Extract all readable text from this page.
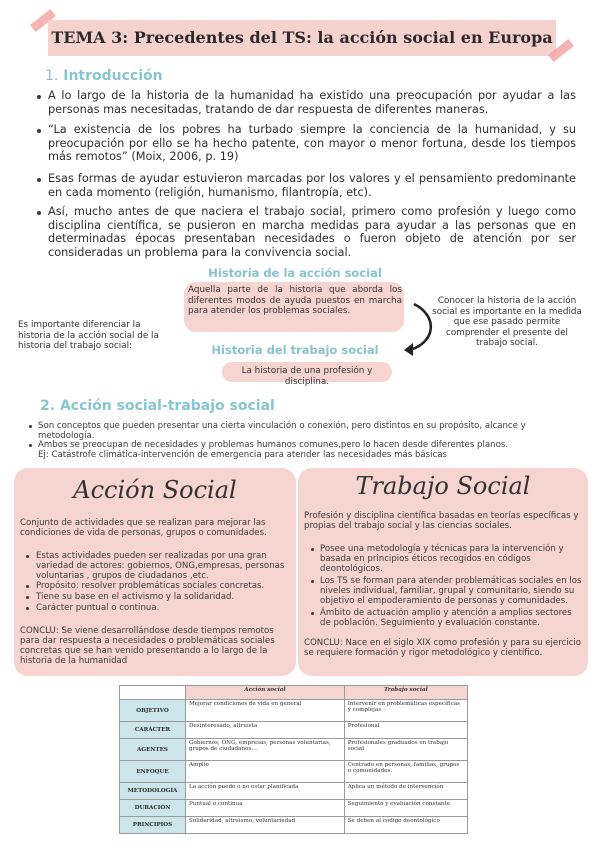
TEMA 3: Precedentes del TS: la acción social en Europa
1. Introducción
A lo largo de la historia de la humanidad ha existido una preocupación por ayudar a las personas mas necesitadas, tratando de dar respuesta de diferentes maneras.
“La existencia de los pobres ha turbado siempre la conciencia de la humanidad, y su preocupación por ello se ha hecho patente, con mayor o menor fortuna, desde los tiempos más remotos” (Moix, 2006, p. 19)
Esas formas de ayudar estuvieron marcadas por los valores y el pensamiento predominante en cada momento (religión, humanismo, filantropía, etc).
Así, mucho antes de que naciera el trabajo social, primero como profesión y luego como disciplina científica, se pusieron en marcha medidas para ayudar a las personas que en determinadas épocas presentaban necesidades o fueron objeto de atención por ser consideradas un problema para la convivencia social.
Es importante diferenciar la historia de la acción social de la historia del trabajo social:
Historia de la acción social
Aquella parte de la historia que aborda los diferentes modos de ayuda puestos en marcha para atender los problemas sociales.
Historia del trabajo social
La historia de una profesión y disciplina.
Conocer la historia de la acción social es importante en la medida que ese pasado permite comprender el presente del trabajo social.
2. Acción social-trabajo social
Son conceptos que pueden presentar una cierta vinculación o conexión, pero distintos en su propósito, alcance y metodología.
Ambos se preocupan de necesidades y problemas humanos comunes,pero lo hacen desde diferentes planos.
Ej: Catástrofe climática-intervención de emergencia para atender las necesidades más básicas
Acción Social
Conjunto de actividades que se realizan para mejorar las condiciones de vida de personas, grupos o comunidades.
Estas actividades pueden ser realizadas por una gran variedad de actores: gobiernos, ONG,empresas, personas voluntarias , grupos de ciudadanos ,etc.
Propósito: resolver problemáticas sociales concretas.
Tiene su base en el activismo y la solidaridad.
Carácter puntual o continua.
CONCLU: Se viene desarrollándose desde tiempos remotos para dar respuesta a necesidades o problemáticas sociales concretas que se han venido presentando a lo largo de la historia de la humanidad
Trabajo Social
Profesión y disciplina científica basadas en teorías específicas y propias del trabajo social y las ciencias sociales.
Posee una metodología y técnicas para la intervención y basada en principios éticos recogidos en códigos deontológicos.
Los TS se forman para atender problemáticas sociales en los niveles individual, familiar, grupal y comunitario, siendo su objetivo el empoderamiento de personas y comunidades.
Ámbito de actuación amplio y atención a amplios sectores de población. Seguimiento y evaluación constante.
CONCLU: Nace en el siglo XIX como profesión y para su ejercicio se requiere formación y rigor metodológico y científico.
	Acción social	Trabajo social
OBJETIVO	Mejorar condiciones de vida en general	Intervenir en problemáticas específicas y complejas
CARÁCTER	Desinteresado, altruista	Profesional
AGENTES	Gobiernos, ONG, empresas, personas voluntarias, grupos de ciudadanos…	Profesionales graduados en trabajo social
ENFOQUE	Amplio	Centrado en personas, familias, grupos o comunidades.
METODOLOGÍA	La acción puede o no estar planificada	Aplica un método de intervención
DURACIÓN	Puntual o continua	Seguimiento y evaluación constante
PRINCIPIOS	Solidaridad, altruismo, voluntariedad	Se deben al código deontológico
